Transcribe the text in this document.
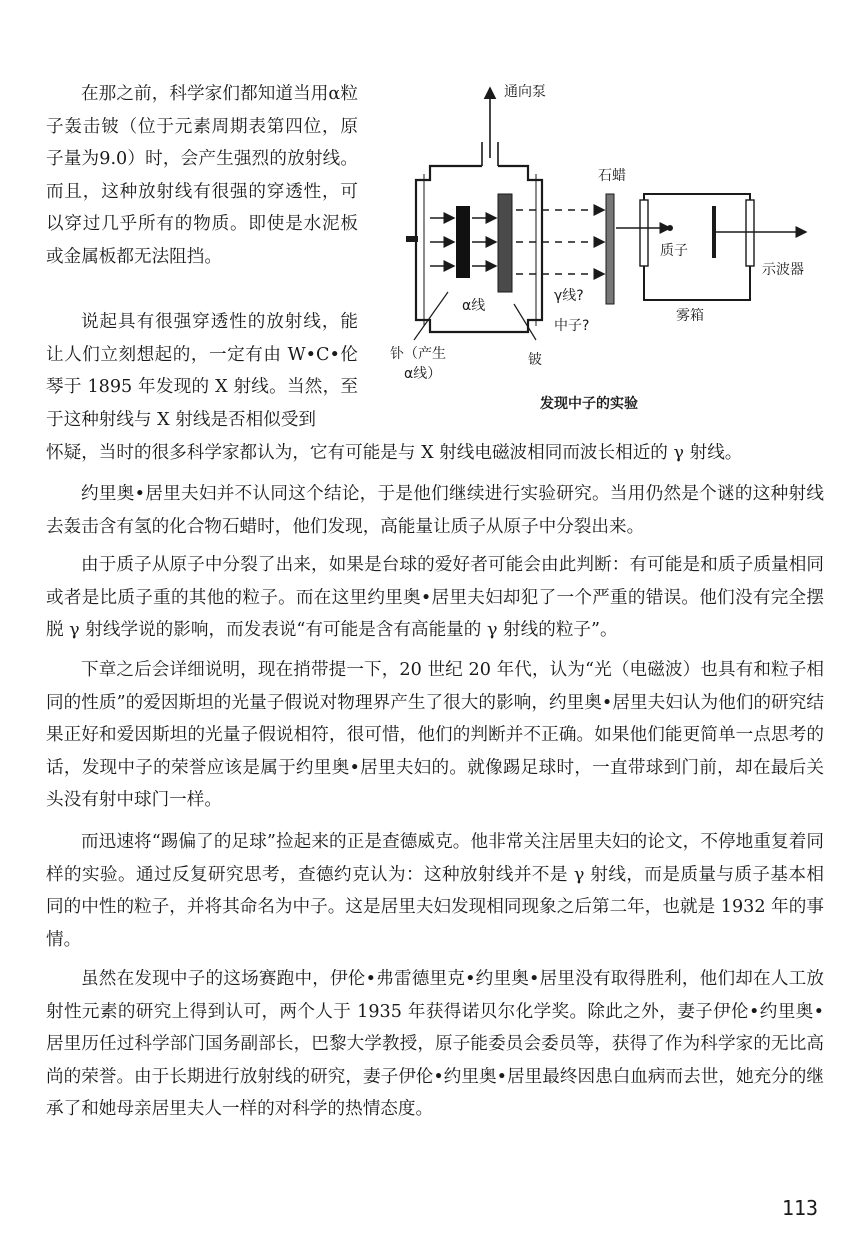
在那之前，科学家们都知道当用α粒子轰击铍（位于元素周期表第四位，原子量为9.0）时，会产生强烈的放射线。而且，这种放射线有很强的穿透性，可以穿过几乎所有的物质。即使是水泥板或金属板都无法阻挡。

说起具有很强穿透性的放射线，能让人们立刻想起的，一定有由 W•C•伦琴于 1895 年发现的 X 射线。当然，至于这种射线与 X 射线是否相似受到

通向泵
石蜡
质子
示波器
雾箱
γ线?
中子?
α线
钋（产生
α线）
铍
发现中子的实验

怀疑，当时的很多科学家都认为，它有可能是与 X 射线电磁波相同而波长相近的 γ 射线。

约里奥•居里夫妇并不认同这个结论，于是他们继续进行实验研究。当用仍然是个谜的这种射线去轰击含有氢的化合物石蜡时，他们发现，高能量让质子从原子中分裂出来。

由于质子从原子中分裂了出来，如果是台球的爱好者可能会由此判断：有可能是和质子质量相同或者是比质子重的其他的粒子。而在这里约里奥•居里夫妇却犯了一个严重的错误。他们没有完全摆脱 γ 射线学说的影响，而发表说“有可能是含有高能量的 γ 射线的粒子”。

下章之后会详细说明，现在捎带提一下，20 世纪 20 年代，认为“光（电磁波）也具有和粒子相同的性质”的爱因斯坦的光量子假说对物理界产生了很大的影响，约里奥•居里夫妇认为他们的研究结果正好和爱因斯坦的光量子假说相符，很可惜，他们的判断并不正确。如果他们能更简单一点思考的话，发现中子的荣誉应该是属于约里奥•居里夫妇的。就像踢足球时，一直带球到门前，却在最后关头没有射中球门一样。

而迅速将“踢偏了的足球”捡起来的正是查德威克。他非常关注居里夫妇的论文，不停地重复着同样的实验。通过反复研究思考，查德约克认为：这种放射线并不是 γ 射线，而是质量与质子基本相同的中性的粒子，并将其命名为中子。这是居里夫妇发现相同现象之后第二年，也就是 1932 年的事情。

虽然在发现中子的这场赛跑中，伊伦•弗雷德里克•约里奥•居里没有取得胜利，他们却在人工放射性元素的研究上得到认可，两个人于 1935 年获得诺贝尔化学奖。除此之外，妻子伊伦•约里奥•居里历任过科学部门国务副部长，巴黎大学教授，原子能委员会委员等，获得了作为科学家的无比高尚的荣誉。由于长期进行放射线的研究，妻子伊伦•约里奥•居里最终因患白血病而去世，她充分的继承了和她母亲居里夫人一样的对科学的热情态度。

113
